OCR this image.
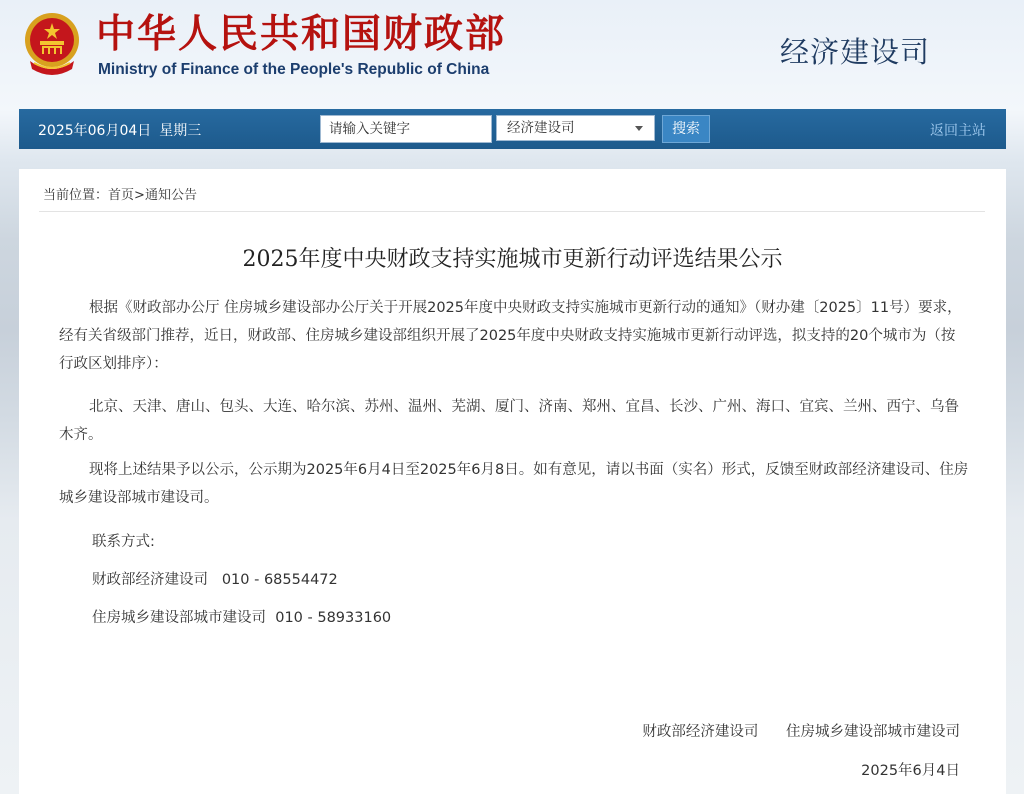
中华人民共和国财政部
Ministry of Finance of the People's Republic of China
经济建设司
2025年06月04日 星期三
请输入关键字	经济建设司	搜索	返回主站
当前位置：首页>通知公告
2025年度中央财政支持实施城市更新行动评选结果公示

根据《财政部办公厅 住房城乡建设部办公厅关于开展2025年度中央财政支持实施城市更新行动的通知》（财办建〔2025〕11号）要求，经有关省级部门推荐，近日，财政部、住房城乡建设部组织开展了2025年度中央财政支持实施城市更新行动评选，拟支持的20个城市为（按行政区划排序）：

北京、天津、唐山、包头、大连、哈尔滨、苏州、温州、芜湖、厦门、济南、郑州、宜昌、长沙、广州、海口、宜宾、兰州、西宁、乌鲁木齐。

现将上述结果予以公示，公示期为2025年6月4日至2025年6月8日。如有意见，请以书面（实名）形式，反馈至财政部经济建设司、住房城乡建设部城市建设司。

联系方式:

财政部经济建设司   010 - 68554472

住房城乡建设部城市建设司  010 - 58933160

财政部经济建设司      住房城乡建设部城市建设司

2025年6月4日
